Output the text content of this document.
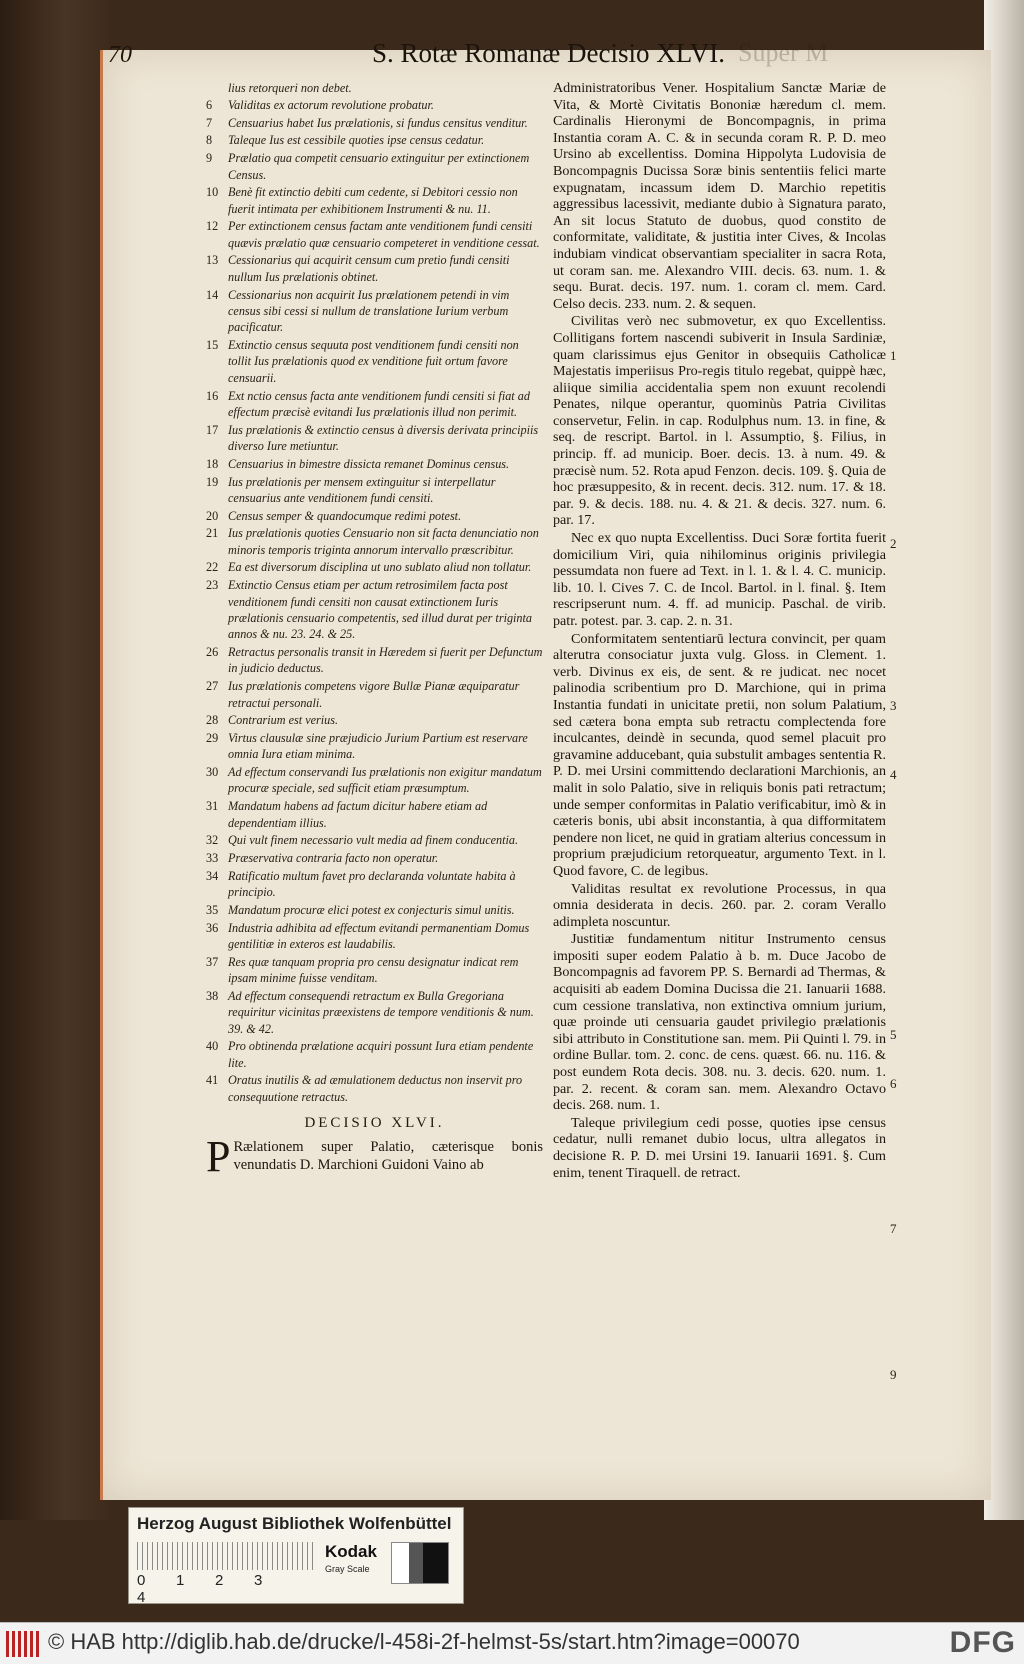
70	S. Rotæ Romanæ Decisio XLVI. Super M
lius retorqueri non debet.
6 Validitas ex actorum revolutione probatur.
7 Censuarius habet Ius prælationis, si fundus censitus venditur.
8 Taleque Ius est cessibile quoties ipse census cedatur.
9 Prælatio qua competit censuario extinguitur per extinctionem Census.
10 Benè fit extinctio debiti cum cedente, si Debitori cessio non fuerit intimata per exhibitionem Instrumenti & nu. 11.
12 Per extinctionem census factam ante venditionem fundi censiti quævis prælatio quæ censuario competeret in venditione cessat.
13 Cessionarius qui acquirit censum cum pretio fundi censiti nullum Ius prælationis obtinet.
14 Cessionarius non acquirit Ius prælationem petendi in vim census sibi cessi si nullum de translatione Iurium verbum pacificatur.
15 Extinctio census sequuta post venditionem fundi censiti non tollit Ius prælationis quod ex venditione fuit ortum favore censuarii.
16 Ext nctio census facta ante venditionem fundi censiti si fiat ad effectum præcisè evitandi Ius prælationis illud non perimit.
17 Ius prælationis & extinctio census à diversis derivata principiis diverso Iure metiuntur.
18 Censuarius in bimestre dissicta remanet Dominus census.
19 Ius prælationis per mensem extinguitur si interpellatur censuarius ante venditionem fundi censiti.
20 Census semper & quandocumque redimi potest.
21 Ius prælationis quoties Censuario non sit facta denunciatio non minoris temporis triginta annorum intervallo præscribitur.
22 Ea est diversorum disciplina ut uno sublato aliud non tollatur.
23 Extinctio Census etiam per actum retrosimilem facta post venditionem fundi censiti non causat extinctionem Iuris prælationis censuario competentis, sed illud durat per triginta annos & nu. 23. 24. & 25.
26 Retractus personalis transit in Hæredem si fuerit per Defunctum in judicio deductus.
27 Ius prælationis competens vigore Bullæ Pianæ æquiparatur retractui personali.
28 Contrarium est verius.
29 Virtus clausulæ sine præjudicio Jurium Partium est reservare omnia Iura etiam minima.
30 Ad effectum conservandi Ius prælationis non exigitur mandatum procuræ speciale, sed sufficit etiam præsumptum.
31 Mandatum habens ad factum dicitur habere etiam ad dependentiam illius.
32 Qui vult finem necessario vult media ad finem conducentia.
33 Præservativa contraria facto non operatur.
34 Ratificatio multum favet pro declaranda voluntate habita à principio.
35 Mandatum procuræ elici potest ex conjecturis simul unitis.
36 Industria adhibita ad effectum evitandi permanentiam Domus gentilitiæ in exteros est laudabilis.
37 Res quæ tanquam propria pro censu designatur indicat rem ipsam minime fuisse venditam.
38 Ad effectum consequendi retractum ex Bulla Gregoriana requiritur vicinitas præexistens de tempore venditionis & num. 39. & 42.
40 Pro obtinenda prælatione acquiri possunt Iura etiam pendente lite.
41 Oratus inutilis & ad æmulationem deductus non inservit pro consequutione retractus.
DECISIO XLVI.
P Rælationem super Palatio, cæterisque bonis venundatis D. Marchioni Guidoni Vaino ab

Administratoribus Vener. Hospitalium Sanctæ Mariæ de Vita, & Mortè Civitatis Bononiæ hæredum cl. mem. Cardinalis Hieronymi de Boncompagnis, in prima Instantia coram A. C. & in secunda coram R. P. D. meo Ursino ab excellentiss. Domina Hippolyta Ludovisia de Boncompagnis Ducissa Soræ binis sententiis felici marte expugnatam, incassum idem D. Marchio repetitis aggressibus lacessivit, mediante dubio à Signatura parato, An sit locus Statuto de duobus, quod constito de conformitate, validitate, & justitia inter Cives, & Incolas indubiam vindicat observantiam specialiter in sacra Rota, ut coram san. me. Alexandro VIII. decis. 63. num. 1. & sequ. Burat. decis. 197. num. 1. coram cl. mem. Card. Celso decis. 233. num. 2. & sequen.

Civilitas verò nec submovetur, ex quo Excellentiss. Collitigans fortem nascendi subiverit in Insula Sardiniæ, quam clarissimus ejus Genitor in obsequiis Catholicæ Majestatis imperiisus Pro-regis titulo regebat, quippè hæc, aliique similia accidentalia spem non exuunt recolendi Penates, nilque operantur, quominùs Patria Civilitas conservetur, Felin. in cap. Rodulphus num. 13. in fine, & seq. de rescript. Bartol. in l. Assumptio, §. Filius, in princip. ff. ad municip. Boer. decis. 13. à num. 49. & præcisè num. 52. Rota apud Fenzon. decis. 109. §. Quia de hoc præsuppesito, & in recent. decis. 312. num. 17. & 18. par. 9. & decis. 188. nu. 4. & 21. & decis. 327. num. 6. par. 17.

Nec ex quo nupta Excellentiss. Duci Soræ fortita fuerit domicilium Viri, quia nihilominus originis privilegia pessumdata non fuere ad Text. in l. 1. & l. 4. C. municip. lib. 10. l. Cives 7. C. de Incol. Bartol. in l. final. §. Item rescripserunt num. 4. ff. ad municip. Paschal. de virib. patr. potest. par. 3. cap. 2. n. 31.

Conformitatem sententiarū lectura convincit, per quam alterutra consociatur juxta vulg. Gloss. in Clement. 1. verb. Divinus ex eis, de sent. & re judicat. nec nocet palinodia scribentium pro D. Marchione, qui in prima Instantia fundati in unicitate pretii, non solum Palatium, sed cætera bona empta sub retractu complectenda fore inculcantes, deindè in secunda, quod semel placuit pro gravamine adducebant, quia substulit ambages sententia R. P. D. mei Ursini committendo declarationi Marchionis, an malit in solo Palatio, sive in reliquis bonis pati retractum; unde semper conformitas in Palatio verificabitur, imò & in cæteris bonis, ubi absit inconstantia, à qua difformitatem pendere non licet, ne quid in gratiam alterius concessum in proprium præjudicium retorqueatur, argumento Text. in l. Quod favore, C. de legibus.

Validitas resultat ex revolutione Processus, in qua omnia desiderata in decis. 260. par. 2. coram Verallo adimpleta noscuntur.

Justitiæ fundamentum nititur Instrumento census impositi super eodem Palatio à b. m. Duce Jacobo de Boncompagnis ad favorem PP. S. Bernardi ad Thermas, & acquisiti ab eadem Domina Ducissa die 21. Ianuarii 1688. cum cessione translativa, non extinctiva omnium jurium, quæ proinde uti censuaria gaudet privilegio prælationis sibi attributo in Constitutione san. mem. Pii Quinti l. 79. in ordine Bullar. tom. 2. conc. de cens. quæst. 66. nu. 116. & post eundem Rota decis. 308. nu. 3. decis. 620. num. 1. par. 2. recent. & coram san. mem. Alexandro Octavo decis. 268. num. 1.

Taleque privilegium cedi posse, quoties ipse census cedatur, nulli remanet dubio locus, ultra allegatos in decisione R. P. D. mei Ursini 19. Ianuarii 1691. §. Cum enim, tenent Tiraquell. de retract.

1
2
3
4
5
6
7
9
Herzog August Bibliothek Wolfenbüttel
0 1 2 34
Kodak
Gray Scale
© HAB http://diglib.hab.de/drucke/l-458i-2f-helmst-5s/start.htm?image=00070	DFG
